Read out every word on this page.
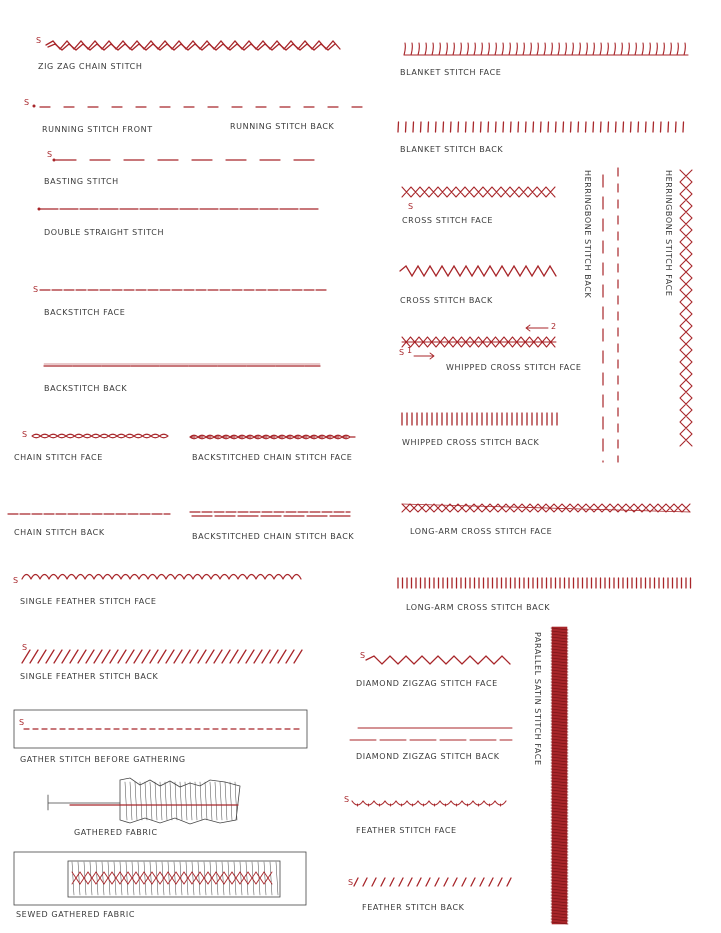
ZIG ZAG CHAIN STITCH
RUNNING STITCH FRONT	RUNNING STITCH BACK
BASTING STITCH
DOUBLE STRAIGHT STITCH
BACKSTITCH FACE
BACKSTITCH BACK
CHAIN STITCH FACE	BACKSTITCHED CHAIN STITCH FACE
CHAIN STITCH BACK	BACKSTITCHED CHAIN STITCH BACK
SINGLE FEATHER STITCH FACE
SINGLE FEATHER STITCH BACK
GATHER STITCH BEFORE GATHERING
GATHERED FABRIC
SEWED GATHERED FABRIC
BLANKET STITCH FACE
BLANKET STITCH BACK
CROSS STITCH FACE
CROSS STITCH BACK
WHIPPED CROSS STITCH FACE
WHIPPED CROSS STITCH BACK
LONG-ARM CROSS STITCH FACE
LONG-ARM CROSS STITCH BACK
DIAMOND ZIGZAG STITCH FACE
DIAMOND ZIGZAG STITCH BACK
FEATHER STITCH FACE
FEATHER STITCH BACK
HERRINGBONE STITCH BACK	HERRINGBONE STITCH FACE
PARALLEL SATIN STITCH FACE
S
S
S
S
S
S
S
S
S
S 1
2
S
S
S
